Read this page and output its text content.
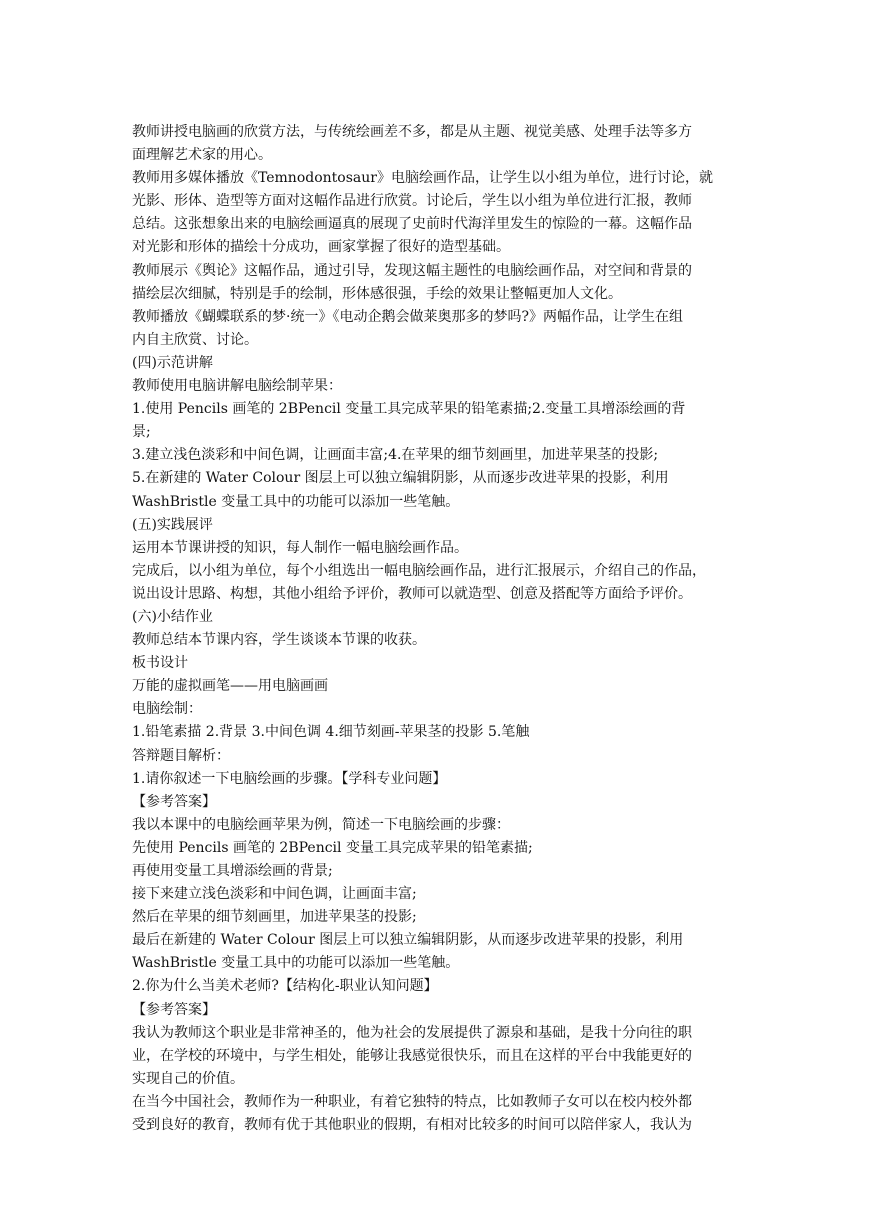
教师讲授电脑画的欣赏方法，与传统绘画差不多，都是从主题、视觉美感、处理手法等多方
面理解艺术家的用心。
教师用多媒体播放《Temnodontosaur》电脑绘画作品，让学生以小组为单位，进行讨论，就
光影、形体、造型等方面对这幅作品进行欣赏。讨论后，学生以小组为单位进行汇报，教师
总结。这张想象出来的电脑绘画逼真的展现了史前时代海洋里发生的惊险的一幕。这幅作品
对光影和形体的描绘十分成功，画家掌握了很好的造型基础。
教师展示《舆论》这幅作品，通过引导，发现这幅主题性的电脑绘画作品，对空间和背景的
描绘层次细腻，特别是手的绘制，形体感很强，手绘的效果让整幅更加人文化。
教师播放《蝴蝶联系的梦·统一》《电动企鹅会做莱奥那多的梦吗?》两幅作品，让学生在组
内自主欣赏、讨论。
(四)示范讲解
教师使用电脑讲解电脑绘制苹果：
1.使用 Pencils 画笔的 2BPencil 变量工具完成苹果的铅笔素描;2.变量工具增添绘画的背
景;
3.建立浅色淡彩和中间色调，让画面丰富;4.在苹果的细节刻画里，加进苹果茎的投影;
5.在新建的 Water Colour 图层上可以独立编辑阴影，从而逐步改进苹果的投影，利用
WashBristle 变量工具中的功能可以添加一些笔触。
(五)实践展评
运用本节课讲授的知识，每人制作一幅电脑绘画作品。
完成后，以小组为单位，每个小组选出一幅电脑绘画作品，进行汇报展示，介绍自己的作品，
说出设计思路、构想，其他小组给予评价，教师可以就造型、创意及搭配等方面给予评价。
(六)小结作业
教师总结本节课内容，学生谈谈本节课的收获。
板书设计
万能的虚拟画笔——用电脑画画
电脑绘制：
1.铅笔素描 2.背景 3.中间色调 4.细节刻画-苹果茎的投影 5.笔触
答辩题目解析：
1.请你叙述一下电脑绘画的步骤。【学科专业问题】
【参考答案】
我以本课中的电脑绘画苹果为例，简述一下电脑绘画的步骤：
先使用 Pencils 画笔的 2BPencil 变量工具完成苹果的铅笔素描;
再使用变量工具增添绘画的背景;
接下来建立浅色淡彩和中间色调，让画面丰富;
然后在苹果的细节刻画里，加进苹果茎的投影;
最后在新建的 Water Colour 图层上可以独立编辑阴影，从而逐步改进苹果的投影，利用
WashBristle 变量工具中的功能可以添加一些笔触。
2.你为什么当美术老师?【结构化-职业认知问题】
【参考答案】
我认为教师这个职业是非常神圣的，他为社会的发展提供了源泉和基础，是我十分向往的职
业，在学校的环境中，与学生相处，能够让我感觉很快乐，而且在这样的平台中我能更好的
实现自己的价值。
在当今中国社会，教师作为一种职业，有着它独特的特点，比如教师子女可以在校内校外都
受到良好的教育，教师有优于其他职业的假期，有相对比较多的时间可以陪伴家人，我认为
